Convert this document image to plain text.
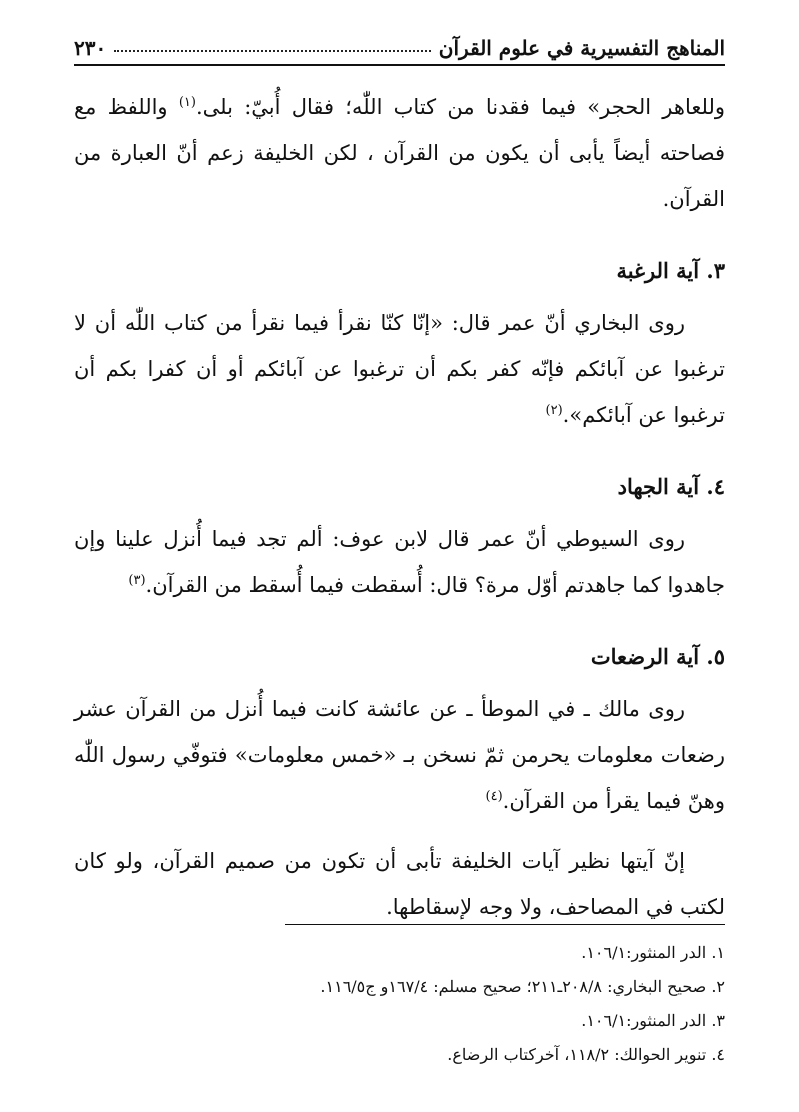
المناهج التفسيرية في علوم القرآن
٢٣٠

وللعاهر الحجر» فيما فقدنا من كتاب اللّٰه؛ فقال أُبيّ: بلى.$^{(١)}$ واللفظ مع فصاحته أيضاً يأبى أن يكون من القرآن ، لكن الخليفة زعم أنّ العبارة من القرآن.

٣. آية الرغبة

روى البخاري أنّ عمر قال: «إنّا كنّا نقرأ فيما نقرأ من كتاب اللّٰه أن لا ترغبوا عن آبائكم فإنّه كفر بكم أن ترغبوا عن آبائكم أو أن كفرا بكم أن ترغبوا عن آبائكم».$^{(٢)}$

٤. آية الجهاد

روى السيوطي أنّ عمر قال لابن عوف: ألم تجد فيما أُنزل علينا وإن جاهدوا كما جاهدتم أوّل مرة؟ قال: أُسقطت فيما أُسقط من القرآن.$^{(٣)}$

٥. آية الرضعات

روى مالك ـ في الموطأ ـ عن عائشة كانت فيما أُنزل من القرآن عشر رضعات معلومات يحرمن ثمّ نسخن بـ «خمس معلومات» فتوفّي رسول اللّٰه وهنّ فيما يقرأ من القرآن.$^{(٤)}$

إنّ آيتها نظير آيات الخليفة تأبى أن تكون من صميم القرآن، ولو كان لكتب في المصاحف، ولا وجه لإسقاطها.

١. الدر المنثور:١٠٦/١.

٢. صحيح البخاري: ٢٠٨/٨ـ٢١١؛ صحيح مسلم: ١٦٧/٤و ج١١٦/٥.

٣. الدر المنثور:١٠٦/١.

٤. تنوير الحوالك: ١١٨/٢، آخركتاب الرضاع.
